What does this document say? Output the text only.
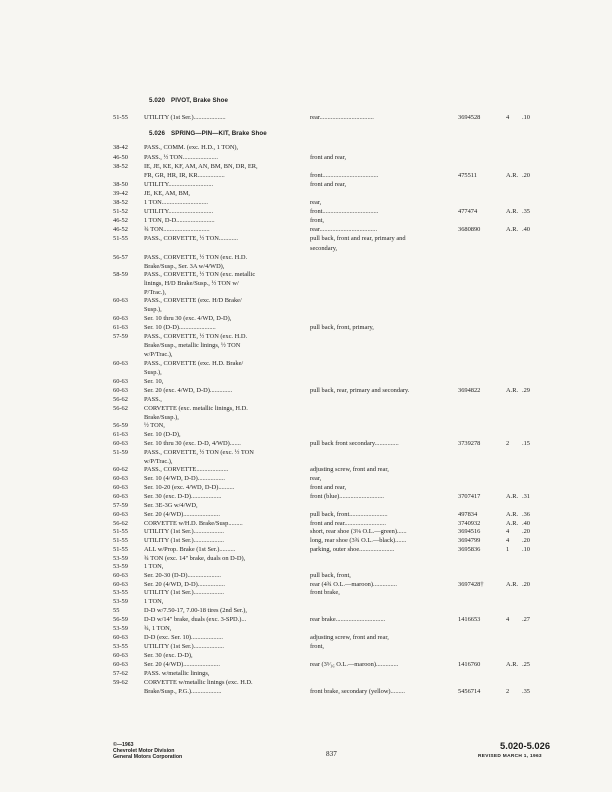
5.020 PIVOT, Brake Shoe
5.026 SPRING—PIN—KIT, Brake Shoe
51-55	UTILITY (1st Ser.)....................	rear..................................	3694528	4 .10
38-42	PASS., COMM. (exc. H.D., 1 TON),
46-50	PASS., ½ TON......................	front and rear,
38-52	IE, JE, KE, KF, AM, AN, BM, BN, DR, ER,
FR, GR, HR, IR, KR.................	front...................................	475511	A.R. .20
38-50	UTILITY............................	front and rear,
39-42	JE, KE, AM, BM,
38-52	1 TON.............................	rear,
51-52	UTILITY............................	front...................................	477474	A.R. .35
46-52	1 TON, D-D........................	front,
46-52	¾ TON.............................	rear....................................	3680890	A.R. .40
51-55	PASS., CORVETTE, ½ TON............	pull back, front and rear, primary and
secondary,
56-57	PASS., CORVETTE, ½ TON (exc. H.D.
Brake/Susp., Ser. 3A w/4/WD),
58-59	PASS., CORVETTE, ½ TON (exc. metallic
linings, H/D Brake/Susp., ½ TON w/
P/Trac.),
60-63	PASS., CORVETTE (exc. H/D Brake/
Susp.),
60-63	Ser. 10 thru 30 (exc. 4/WD, D-D),
61-63	Ser. 10 (D-D).......................	pull back, front, primary,
57-59	PASS., CORVETTE, ½ TON (exc. H.D.
Brake/Susp., metallic linings, ½ TON
w/P/Trac.),
60-63	PASS., CORVETTE (exc. H.D. Brake/
Susp.),
60-63	Ser. 10,
60-63	Ser. 20 (exc. 4/WD, D-D)..............	pull back, rear, primary and secondary.	3694822	A.R. .29
56-62	PASS.,
56-62	CORVETTE (exc. metallic linings, H.D.
Brake/Susp.),
56-59	½ TON,
61-63	Ser. 10 (D-D),
60-63	Ser. 10 thru 30 (exc. D-D, 4/WD).......	pull back front secondary...............	3739278	2 .15
51-59	PASS., CORVETTE, ½ TON (exc. ½ TON
w/P/Trac.),
60-62	PASS., CORVETTE....................	adjusting screw, front and rear,
60-63	Ser. 10 (4/WD, D-D).................	rear,
60-63	Ser. 10-20 (exc. 4/WD, D-D)..........	front and rear,
60-63	Ser. 30 (exc. D-D)...................	front (blue)............................	3707417	A.R. .31
57-59	Ser. 3E-3G w/4/WD,
60-63	Ser. 20 (4/WD).......................	pull back, front........................	497834	A.R. .36
56-62	CORVETTE w/H.D. Brake/Susp.........	front and rear..........................	3740932	A.R. .40
51-55	UTILITY (1st Ser.)...................	short, rear shoe (3⅛ O.L.—green)......	3694516	4 .20
51-55	UTILITY (1st Ser.)...................	long, rear shoe (3¾ O.L.—black).......	3694799	4 .20
51-55	ALL w/Prop. Brake (1st Ser.)..........	parking, outer shoe......................	3695836	1 .10
53-59	¾ TON (exc. 14" brake, duals on D-D),
53-59	1 TON,
60-63	Ser. 20-30 (D-D).....................	pull back, front,
60-63	Ser. 20 (4/WD, D-D).................	rear (4¾ O.L.—maroon)...............	3697428†	A.R. .20
53-55	UTILITY (1st Ser.)...................	front brake,
53-59	1 TON,
55	D-D w/7.50-17, 7.00-18 tires (2nd Ser.),
56-59	D-D w/14" brake, duals (exc. 3-SPD.)...	rear brake...............................	1416653	4 .27
53-59	¾, 1 TON,
60-63	D-D (exc. Ser. 10)....................	adjusting screw, front and rear,
53-55	UTILITY (1st Ser.)...................	front,
60-63	Ser. 30 (exc. D-D),
60-63	Ser. 20 (4/WD).......................	rear (3⁵⁄₁₆ O.L.—maroon)..............	1416760	A.R. .25
57-62	PASS. w/metallic linings,
59-62	CORVETTE w/metallic linings (exc. H.D.
Brake/Susp., P.G.)...................	front brake, secondary (yellow).........	5456714	2 .35
©—1963
Chevrolet Motor Division
General Motors Corporation	837
5.020-5.026
REVISED MARCH 1, 1963
